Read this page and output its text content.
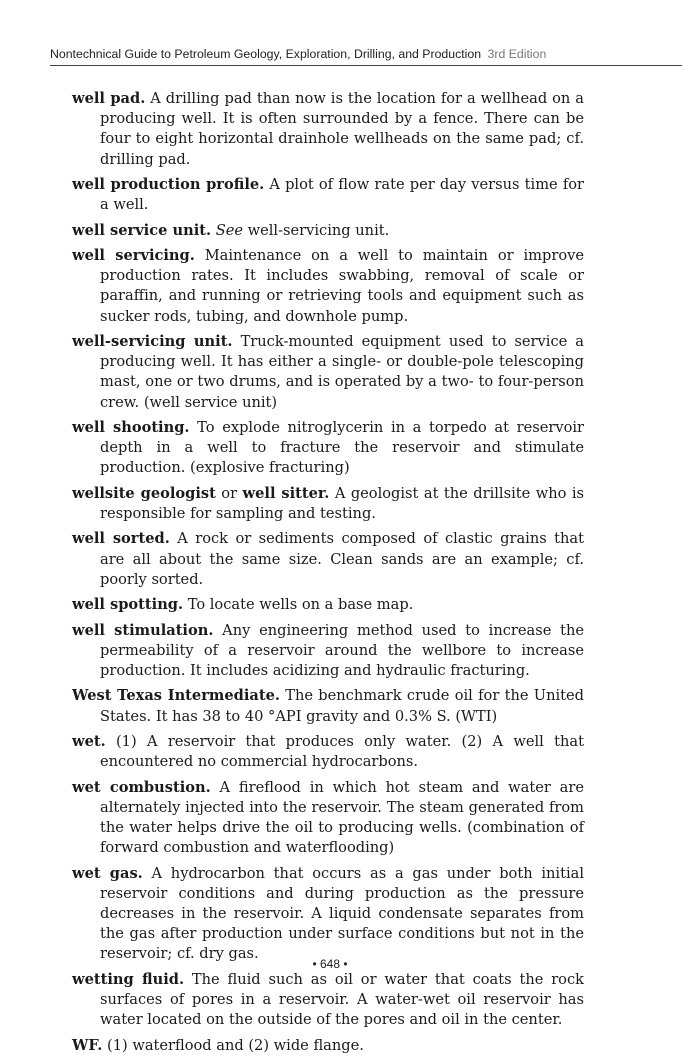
Nontechnical Guide to Petroleum Geology, Exploration, Drilling, and Production 3rd Edition

well pad. A drilling pad than now is the location for a wellhead on a producing well. It is often surrounded by a fence. There can be four to eight horizontal drainhole wellheads on the same pad; cf. drilling pad.

well production profile. A plot of flow rate per day versus time for a well.

well service unit. See well-servicing unit.

well servicing. Maintenance on a well to maintain or improve production rates. It includes swabbing, removal of scale or paraffin, and running or retrieving tools and equipment such as sucker rods, tubing, and downhole pump.

well-servicing unit. Truck-mounted equipment used to service a producing well. It has either a single- or double-pole telescoping mast, one or two drums, and is operated by a two- to four-person crew. (well service unit)

well shooting. To explode nitroglycerin in a torpedo at reservoir depth in a well to fracture the reservoir and stimulate production. (explosive fracturing)

wellsite geologist or well sitter. A geologist at the drillsite who is responsible for sampling and testing.

well sorted. A rock or sediments composed of clastic grains that are all about the same size. Clean sands are an example; cf. poorly sorted.

well spotting. To locate wells on a base map.

well stimulation. Any engineering method used to increase the permeability of a reservoir around the wellbore to increase production. It includes acidizing and hydraulic fracturing.

West Texas Intermediate. The benchmark crude oil for the United States. It has 38 to 40 °API gravity and 0.3% S. (WTI)

wet. (1) A reservoir that produces only water. (2) A well that encountered no commercial hydrocarbons.

wet combustion. A fireflood in which hot steam and water are alternately injected into the reservoir. The steam generated from the water helps drive the oil to producing wells. (combination of forward combustion and waterflooding)

wet gas. A hydrocarbon that occurs as a gas under both initial reservoir conditions and during production as the pressure decreases in the reservoir. A liquid condensate separates from the gas after production under surface conditions but not in the reservoir; cf. dry gas.

wetting fluid. The fluid such as oil or water that coats the rock surfaces of pores in a reservoir. A water-wet oil reservoir has water located on the outside of the pores and oil in the center.

WF. (1) waterflood and (2) wide flange.

• 648 •
